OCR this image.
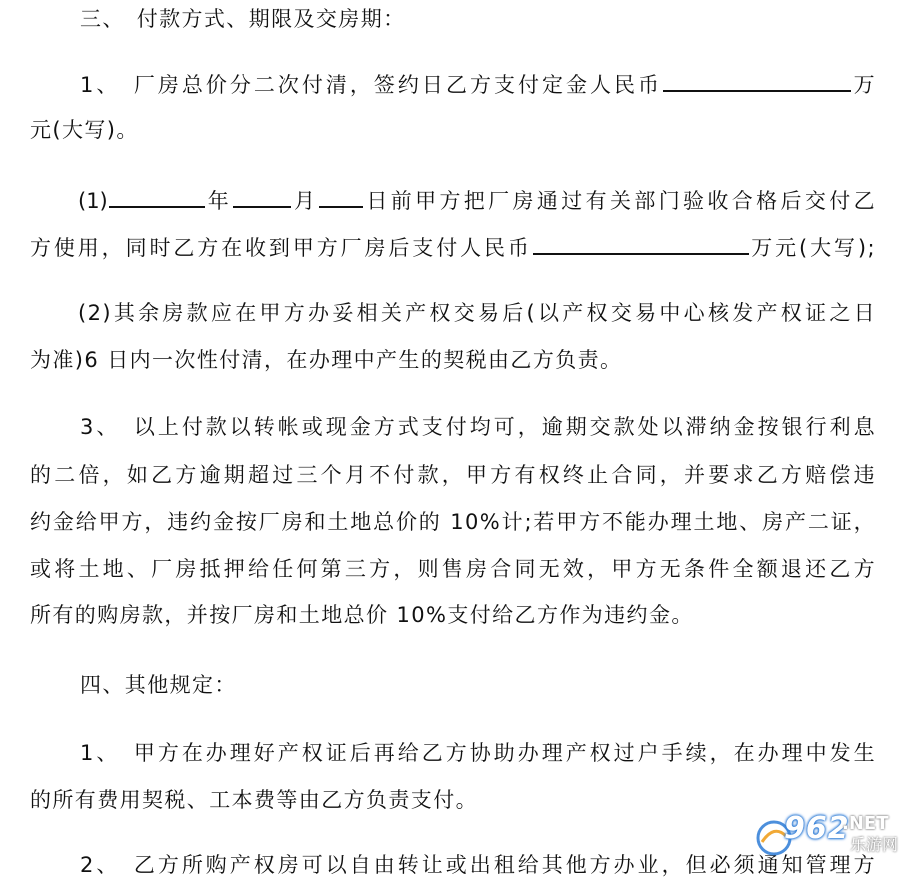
三、　付款方式、期限及交房期：
1、　厂房总价分二次付清，签约日乙方支付定金人民币	万
元(大写)。
(1)	年	月 日前甲方把厂房通过有关部门验收合格后交付乙
方使用，同时乙方在收到甲方厂房后支付人民币	万元(大写);
(2)其余房款应在甲方办妥相关产权交易后(以产权交易中心核发产权证之日
为准)6 日内一次性付清，在办理中产生的契税由乙方负责。
3、　以上付款以转帐或现金方式支付均可，逾期交款处以滞纳金按银行利息
的二倍，如乙方逾期超过三个月不付款，甲方有权终止合同，并要求乙方赔偿违
约金给甲方，违约金按厂房和土地总价的 10%计;若甲方不能办理土地、房产二证，
或将土地、厂房抵押给任何第三方，则售房合同无效，甲方无条件全额退还乙方
所有的购房款，并按厂房和土地总价 10%支付给乙方作为违约金。
四、其他规定：
1、　甲方在办理好产权证后再给乙方协助办理产权过户手续，在办理中发生
的所有费用契税、工本费等由乙方负责支付。
2、　乙方所购产权房可以自由转让或出租给其他方办业，但必须通知管理方
962
.NET
乐游网
